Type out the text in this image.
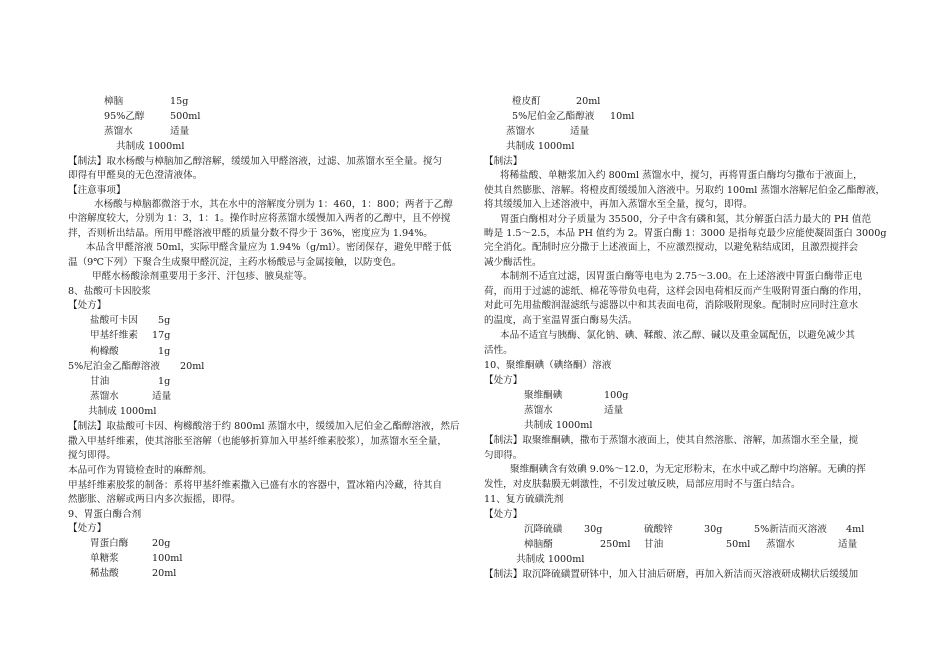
樟脑	15g
95%乙醇	500ml
蒸馏水	适量
共制成 1000ml
【制法】取水杨酸与樟脑加乙醇溶解，缓缓加入甲醛溶液，过滤、加蒸馏水至全量。搅匀
即得有甲醛臭的无色澄清液体。
【注意事项】
水杨酸与樟脑都微溶于水，其在水中的溶解度分别为 1：460，1：800；两者于乙醇
中溶解度较大，分别为 1：3，1：1。操作时应将蒸馏水缓慢加入两者的乙醇中，且不停搅
拌，否则析出结晶。所用甲醛溶液甲醛的质量分数不得少于 36%，密度应为 1.94%。
本品含甲醛溶液 50ml，实际甲醛含量应为 1.94%（g/ml）。密闭保存，避免甲醛于低
温（9℃下列）下聚合生成聚甲醛沉淀，主药水杨酸忌与金属接触，以防变色。
甲醛水杨酸涂剂重要用于多汗、汗包疹、腋臭症等。
8、盐酸可卡因胶浆
【处方】
盐酸可卡因 5g
甲基纤维素 17g
枸橼酸	1g
5%尼泊金乙酯醇溶液 20ml
甘油	1g
蒸馏水	适量
共制成 1000ml
【制法】取盐酸可卡因、枸橼酸溶于约 800ml 蒸馏水中，缓缓加入尼伯金乙酯醇溶液，然后
撒入甲基纤维素，使其溶胀至溶解（也能够折算加入甲基纤维素胶浆），加蒸馏水至全量，
搅匀即得。
本品可作为胃镜检查时的麻醉剂。
甲基纤维素胶浆的制备：系将甲基纤维素撒入已盛有水的容器中，置冰箱内冷藏，待其自
然膨胀、溶解或两日内多次振摇，即得。
9、胃蛋白酶合剂
【处方】
胃蛋白酶 20g
单糖浆	100ml
稀盐酸	20ml
橙皮酊	20ml
5%尼伯金乙酯醇液 10ml
蒸馏水	适量
共制成 1000ml
【制法】
将稀盐酸、单糖浆加入约 800ml 蒸馏水中，搅匀，再将胃蛋白酶均匀撒布于液面上，
使其自然膨胀、溶解。将橙皮酊缓缓加入溶液中。另取约 100ml 蒸馏水溶解尼伯金乙酯醇液，
将其缓缓加入上述溶液中，再加入蒸馏水至全量，搅匀，即得。
胃蛋白酶相对分子质量为 35500，分子中含有磷和氮，其分解蛋白活力最大的 PH 值范
畴是 1.5～2.5，本品 PH 值约为 2。胃蛋白酶 1：3000 是指每克最少应能使凝固蛋白 3000g
完全消化。配制时应分撒于上述液面上，不应激烈搅动，以避免粘结成团，且激烈搅拌会
减少酶活性。
本制剂不适宜过滤，因胃蛋白酶等电电为 2.75～3.00。在上述溶液中胃蛋白酶带正电
荷，而用于过滤的滤纸、棉花等带负电荷，这样会因电荷相反而产生吸附胃蛋白酶的作用，
对此可先用盐酸润湿滤纸与滤器以中和其表面电荷，消除吸附现象。配制时应同时注意水
的温度，高于室温胃蛋白酶易失活。
本品不适宜与胰酶、氯化钠、碘、鞣酸、浓乙醇、碱以及重金属配伍，以避免减少其
活性。
10、聚维酮碘（碘络酮）溶液
【处方】
聚维酮碘	100g
蒸馏水	适量
共制成 1000ml
【制法】取聚维酮碘，撒布于蒸馏水液面上，使其自然溶胀、溶解，加蒸馏水至全量，搅
匀即得。
聚维酮碘含有效碘 9.0%～12.0，为无定形粉末，在水中或乙醇中均溶解。无碘的挥
发性，对皮肤黏膜无刺激性，不引发过敏反映，局部应用时不与蛋白结合。
11、复方硫磺洗剂
【处方】
沉降硫磺 30g	硫酸锌	30g	5%新洁而灭溶液 4ml
樟脑醑	250ml 甘油	50ml 蒸馏水	适量
共制成 1000ml
【制法】取沉降硫磺置研钵中，加入甘油后研磨，再加入新洁而灭溶液研成糊状后缓缓加
